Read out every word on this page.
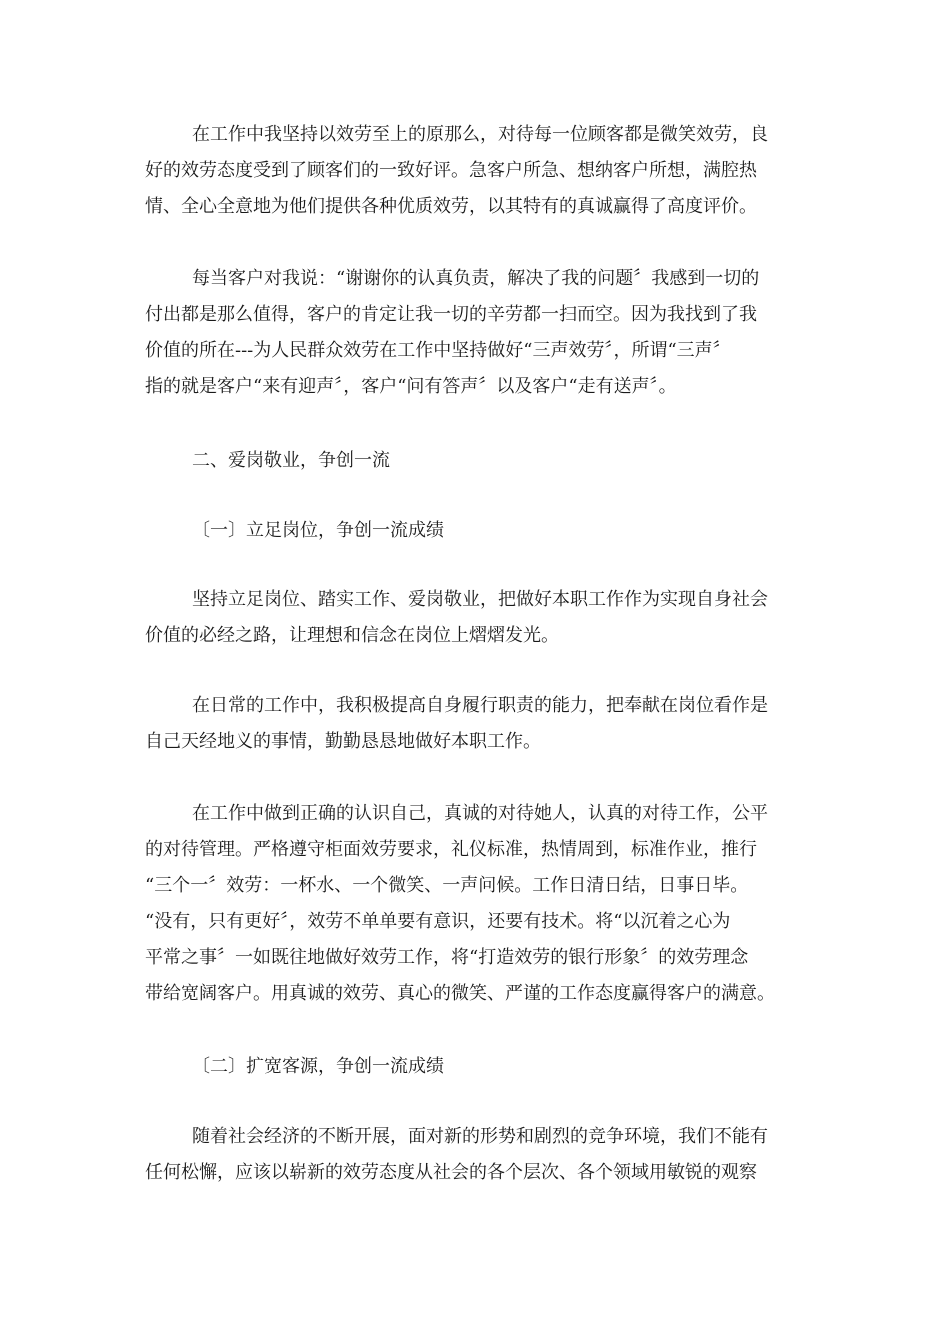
在工作中我坚持以效劳至上的原那么，对待每一位顾客都是微笑效劳，良
好的效劳态度受到了顾客们的一致好评。急客户所急、想纳客户所想，满腔热
情、全心全意地为他们提供各种优质效劳，以其特有的真诚赢得了高度评价。
每当客户对我说：“谢谢你的认真负责，解决了我的问题〞我感到一切的
付出都是那么值得，客户的肯定让我一切的辛劳都一扫而空。因为我找到了我
价值的所在---为人民群众效劳在工作中坚持做好“三声效劳〞，所谓“三声〞
指的就是客户“来有迎声〞，客户“问有答声〞以及客户“走有送声〞。
二、爱岗敬业，争创一流
〔一〕立足岗位，争创一流成绩
坚持立足岗位、踏实工作、爱岗敬业，把做好本职工作作为实现自身社会
价值的必经之路，让理想和信念在岗位上熠熠发光。
在日常的工作中，我积极提高自身履行职责的能力，把奉献在岗位看作是
自己天经地义的事情，勤勤恳恳地做好本职工作。
在工作中做到正确的认识自己，真诚的对待她人，认真的对待工作，公平
的对待管理。严格遵守柜面效劳要求，礼仪标准，热情周到，标准作业，推行
“三个一〞效劳：一杯水、一个微笑、一声问候。工作日清日结，日事日毕。
“没有，只有更好〞，效劳不单单要有意识，还要有技术。将“以沉着之心为
平常之事〞一如既往地做好效劳工作，将“打造效劳的银行形象〞的效劳理念
带给宽阔客户。用真诚的效劳、真心的微笑、严谨的工作态度赢得客户的满意。
〔二〕扩宽客源，争创一流成绩
随着社会经济的不断开展，面对新的形势和剧烈的竞争环境，我们不能有
任何松懈，应该以崭新的效劳态度从社会的各个层次、各个领域用敏锐的观察
